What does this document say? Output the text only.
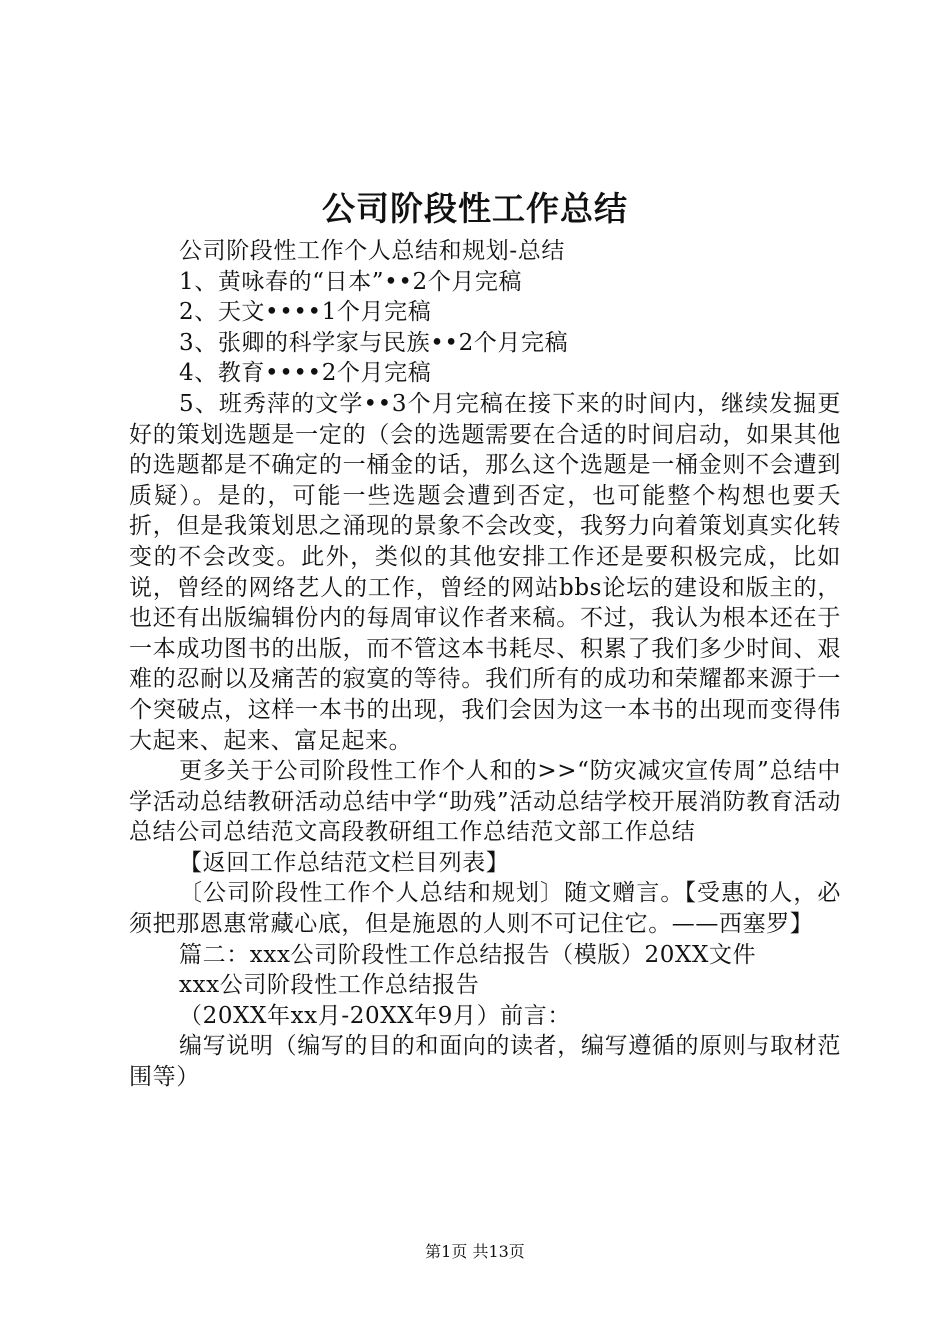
公司阶段性工作总结

公司阶段性工作个人总结和规划-总结

1、黄咏春的“日本”••2个月完稿

2、天文••••1个月完稿

3、张卿的科学家与民族••2个月完稿

4、教育••••2个月完稿

5、班秀萍的文学••3个月完稿在接下来的时间内，继续发掘更好的策划选题是一定的（会的选题需要在合适的时间启动，如果其他的选题都是不确定的一桶金的话，那么这个选题是一桶金则不会遭到质疑）。是的，可能一些选题会遭到否定，也可能整个构想也要夭折，但是我策划思之涌现的景象不会改变，我努力向着策划真实化转变的不会改变。此外，类似的其他安排工作还是要积极完成，比如说，曾经的网络艺人的工作，曾经的网站bbs论坛的建设和版主的，也还有出版编辑份内的每周审议作者来稿。不过，我认为根本还在于一本成功图书的出版，而不管这本书耗尽、积累了我们多少时间、艰难的忍耐以及痛苦的寂寞的等待。我们所有的成功和荣耀都来源于一个突破点，这样一本书的出现，我们会因为这一本书的出现而变得伟大起来、起来、富足起来。

更多关于公司阶段性工作个人和的>>“防灾减灾宣传周”总结中学活动总结教研活动总结中学“助残”活动总结学校开展消防教育活动总结公司总结范文高段教研组工作总结范文部工作总结

【返回工作总结范文栏目列表】

〔公司阶段性工作个人总结和规划〕随文赠言。【受惠的人，必须把那恩惠常藏心底，但是施恩的人则不可记住它。——西塞罗】

篇二：xxx公司阶段性工作总结报告（模版）20XX文件

xxx公司阶段性工作总结报告

（20XX年xx月-20XX年9月）前言：

编写说明（编写的目的和面向的读者，编写遵循的原则与取材范围等）

第1页 共13页
